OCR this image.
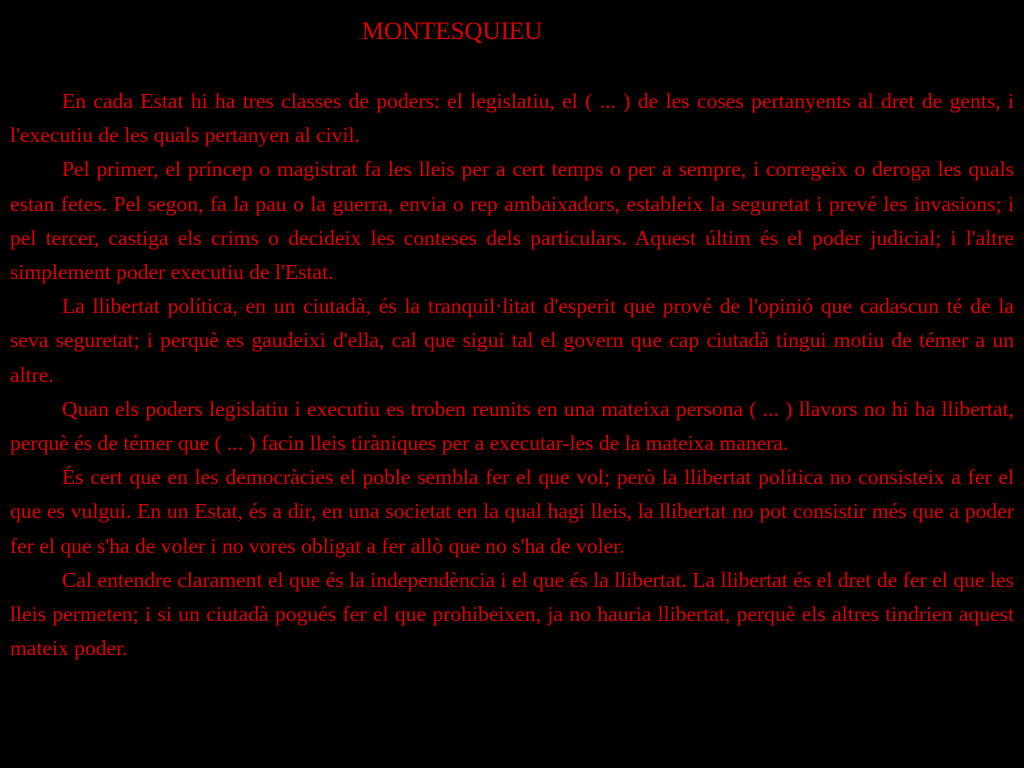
MONTESQUIEU

En cada Estat hi ha tres classes de poders: el legislatiu, el ( ... ) de les coses pertanyents al dret de gents, i l'executiu de les quals pertanyen al civil.

Pel primer, el príncep o magistrat fa les lleis per a cert temps o per a sempre, i corregeix o deroga les quals estan fetes. Pel segon, fa la pau o la guerra, envia o rep ambaixadors, estableix la seguretat i prevé les invasions; i pel tercer, castiga els crims o decideix les conteses dels particulars. Aquest últim és el poder judicial; i l'altre simplement poder executiu de l'Estat.

La llibertat política, en un ciutadà, és la tranquil·litat d'esperit que prové de l'opinió que cadascun té de la seva seguretat; i perquè es gaudeixi d'ella, cal que sigui tal el govern que cap ciutadà tingui motiu de témer a un altre.

Quan els poders legislatiu i executiu es troben reunits en una mateixa persona ( ... ) llavors no hi ha llibertat, perquè és de témer que ( ... ) facin lleis tiràniques per a executar-les de la mateixa manera.

És cert que en les democràcies el poble sembla fer el que vol; però la llibertat política no consisteix a fer el que es vulgui. En un Estat, és a dir, en una societat en la qual hagi lleis, la llibertat no pot consistir més que a poder fer el que s'ha de voler i no vores obligat a fer allò que no s'ha de voler.

Cal entendre clarament el que és la independència i el que és la llibertat. La llibertat és el dret de fer el que les lleis permeten; i si un ciutadà pogués fer el que prohibeixen, ja no hauria llibertat, perquè els altres tindrien aquest mateix poder.
